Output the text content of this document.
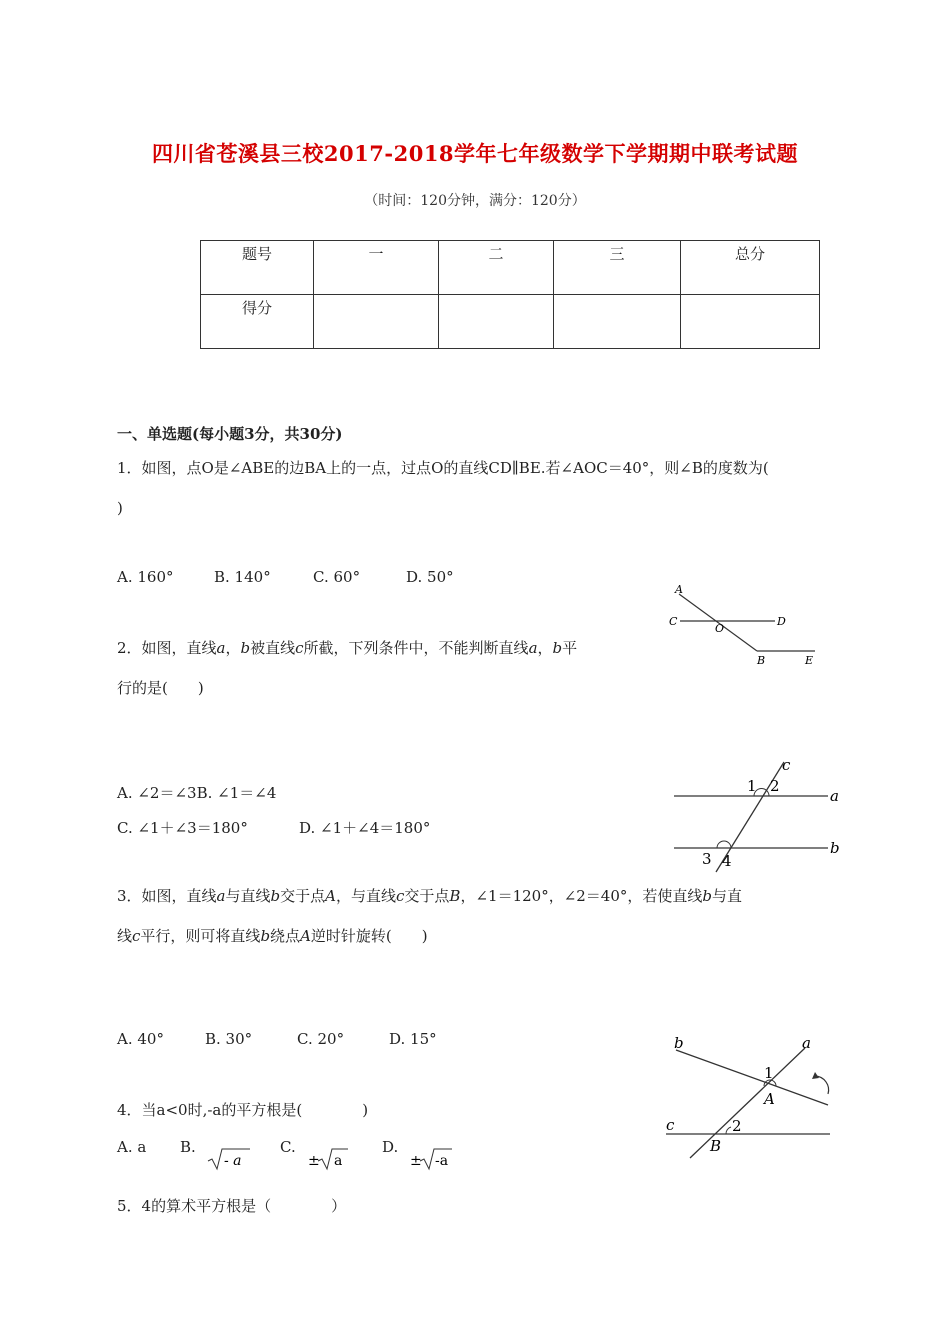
四川省苍溪县三校2017-2018学年七年级数学下学期期中联考试题
（时间：120分钟，满分：120分）
题号	一	二	三	总分
得分				
一、单选题(每小题3分，共30分)
1．如图，点O是∠ABE的边BA上的一点，过点O的直线CD∥BE.若∠AOC＝40°，则∠B的度数为(
)
A. 160°	B. 140°	C. 60°	D. 50°
A
C
O
D
B	E
2．如图，直线a，b被直线c所截，下列条件中，不能判断直线a，b平
行的是(　　)
A. ∠2＝∠3B. ∠1＝∠4
C. ∠1＋∠3＝180°	D. ∠1＋∠4＝180°
c
1 2
a
b
3 4
3．如图，直线a与直线b交于点A，与直线c交于点B，∠1＝120°，∠2＝40°，若使直线b与直
线c平行，则可将直线b绕点A逆时针旋转(　　)
A. 40°	B. 30°	C. 20°	D. 15°	b	a
1
A
c	2
B
4．当a<0时,-a的平方根是(　　　　)
A. a B.
- a
C.
± a
D.
± -a
5．4的算术平方根是（　　　　）
